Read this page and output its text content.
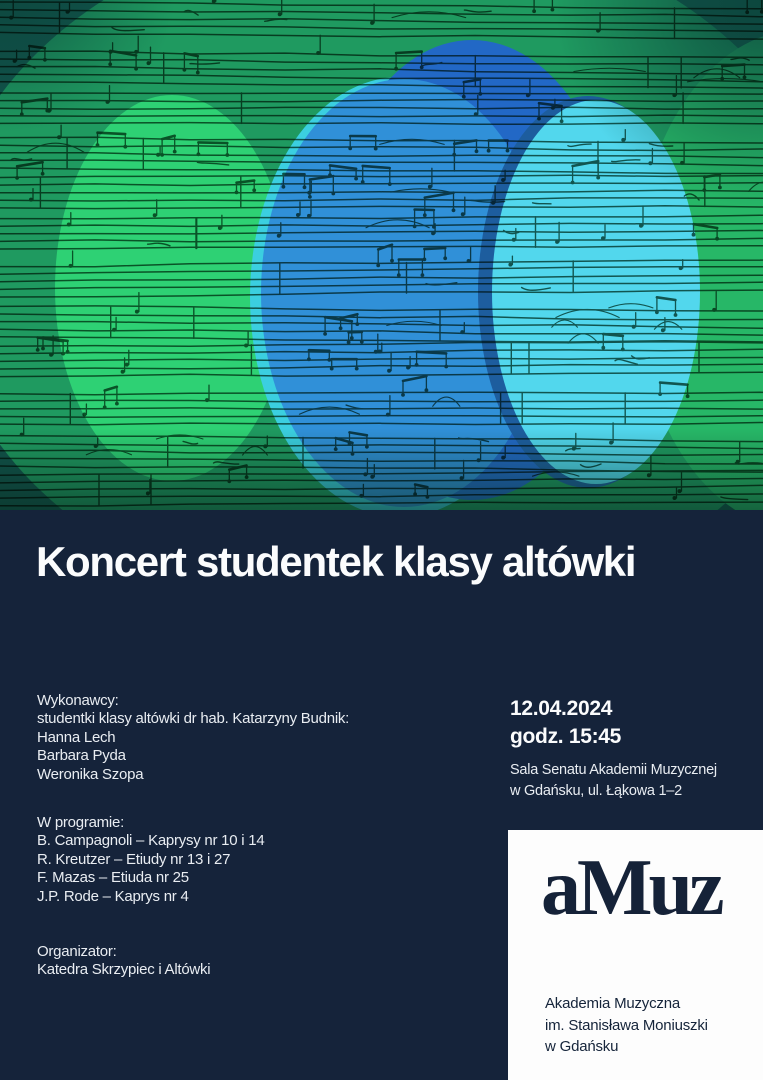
Koncert studentek klasy altówki
Wykonawcy:
studentki klasy altówki dr hab. Katarzyny Budnik:
Hanna Lech
Barbara Pyda
Weronika Szopa
W programie:
B. Campagnoli – Kaprysy nr 10 i 14
R. Kreutzer – Etiudy nr 13 i 27
F. Mazas – Etiuda nr 25
J.P. Rode – Kaprys nr 4
Organizator:
Katedra Skrzypiec i Altówki
12.04.2024
godz. 15:45
Sala Senatu Akademii Muzycznej
w Gdańsku, ul. Łąkowa 1–2
aMuz
Akademia Muzyczna
im. Stanisława Moniuszki
w Gdańsku
